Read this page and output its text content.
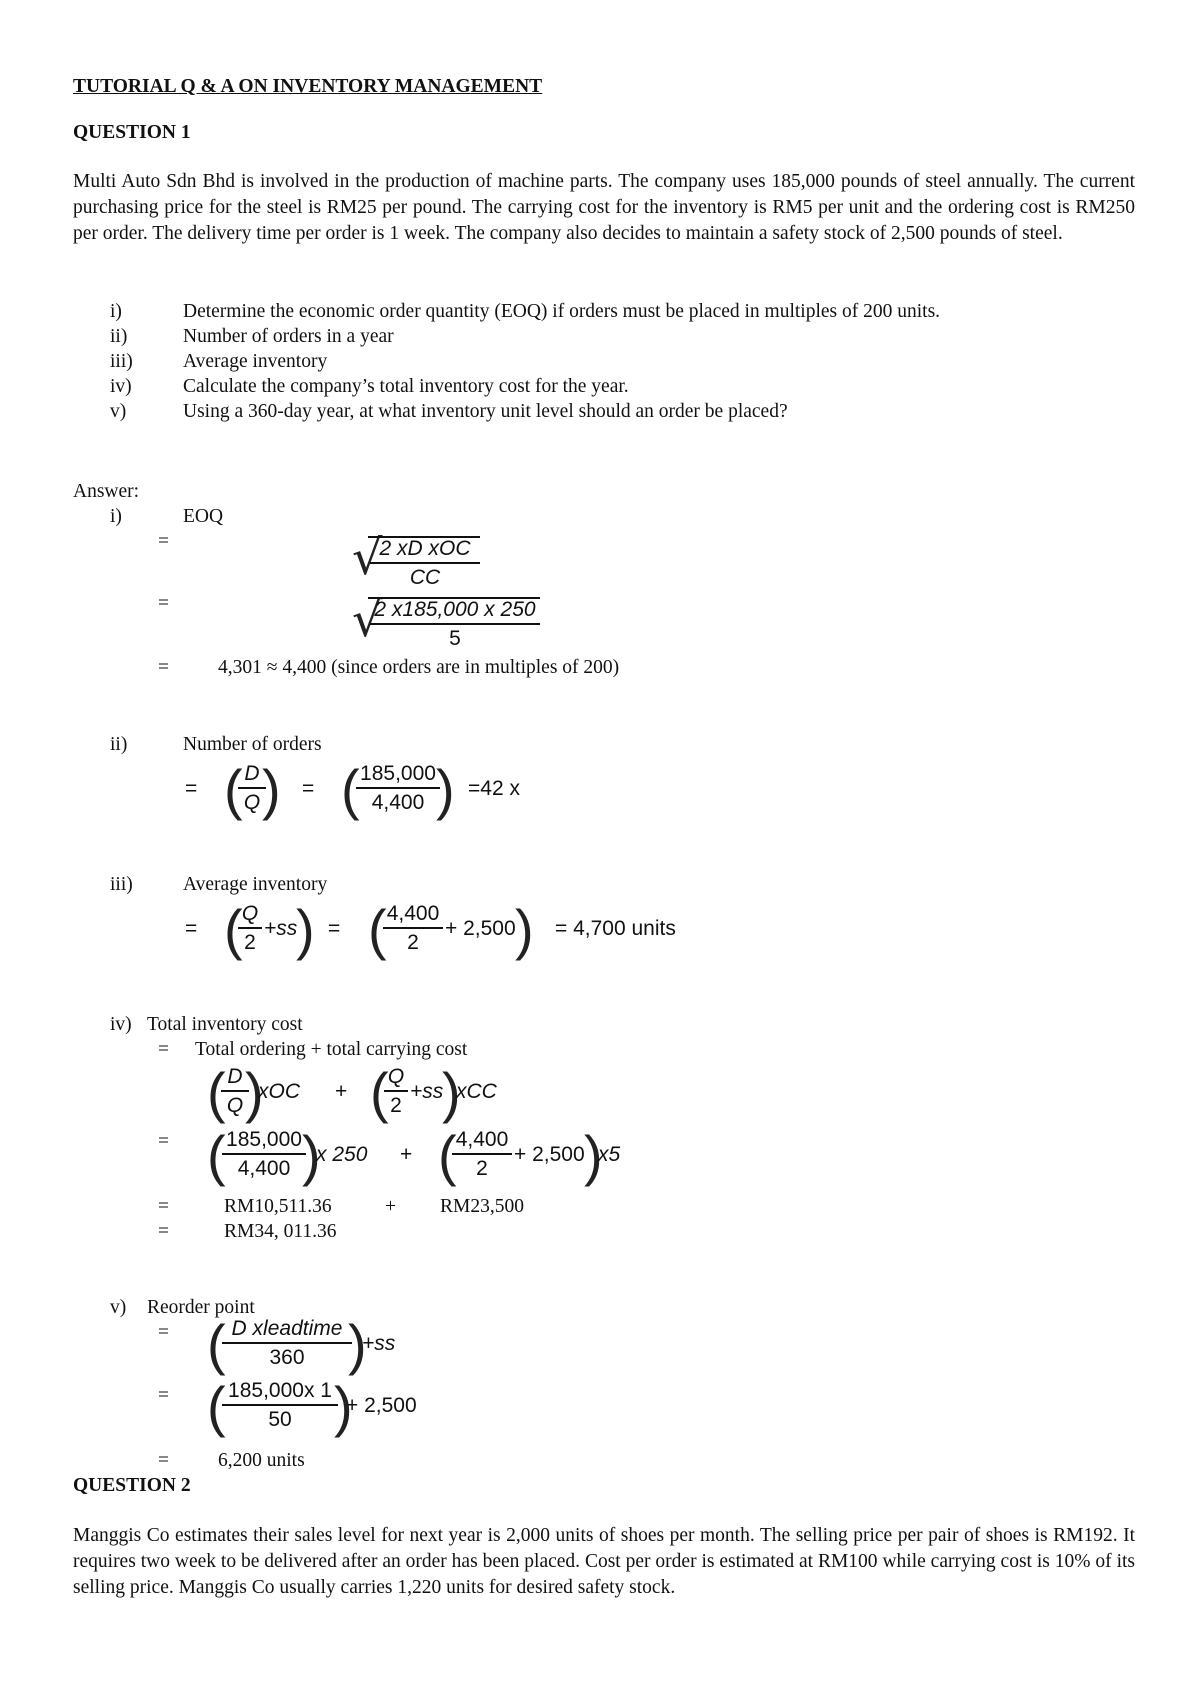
TUTORIAL Q & A ON INVENTORY MANAGEMENT
QUESTION 1
Multi Auto Sdn Bhd is involved in the production of machine parts. The company uses 185,000 pounds of steel annually. The current purchasing price for the steel is RM25 per pound. The carrying cost for the inventory is RM5 per unit and the ordering cost is RM250 per order. The delivery time per order is 1 week. The company also decides to maintain a safety stock of 2,500 pounds of steel.
i)	Determine the economic order quantity (EOQ) if orders must be placed in multiples of 200 units.
ii)	Number of orders in a year
iii)	Average inventory
iv)	Calculate the company’s total inventory cost for the year.
v)	Using a 360-day year, at what inventory unit level should an order be placed?
Answer:
i)	EOQ
=	√
2 xD xOC
CC
=	√
$\frac{2 x185,000 x 250}{5}$
=	4,301 ≈ 4,400 (since orders are in multiples of 200)
ii)	Number of orders
= (
$\frac{D}{Q}$
) = (
$\frac{185,000}{4,400}$
) =42 x
iii)	Average inventory
= (
$\frac{Q}{2} +ss$
) = (
$\frac{4,400}{2} + 2,500$ ) = 4,700 units
iv) Total inventory cost
= Total ordering + total carrying cost
(
$\frac{D}{Q}$
)
xOC + (
$\frac{Q}{2} +ss$
)
xCC
= (
$\frac{185,000}{4,400}$
)
x 250 + (
$\frac{4,400}{2} + 2,500$ )
x5
=	RM10,511.36	+ RM23,500
=	RM34, 011.36
v) Reorder point
= ( D xleadtime
360 )
+ss
= (
$\frac{185,000x 1}{50}$
)
+ 2,500
=	6,200 units
QUESTION 2
Manggis Co estimates their sales level for next year is 2,000 units of shoes per month. The selling price per pair of shoes is RM192. It requires two week to be delivered after an order has been placed. Cost per order is estimated at RM100 while carrying cost is 10% of its selling price. Manggis Co usually carries 1,220 units for desired safety stock.
